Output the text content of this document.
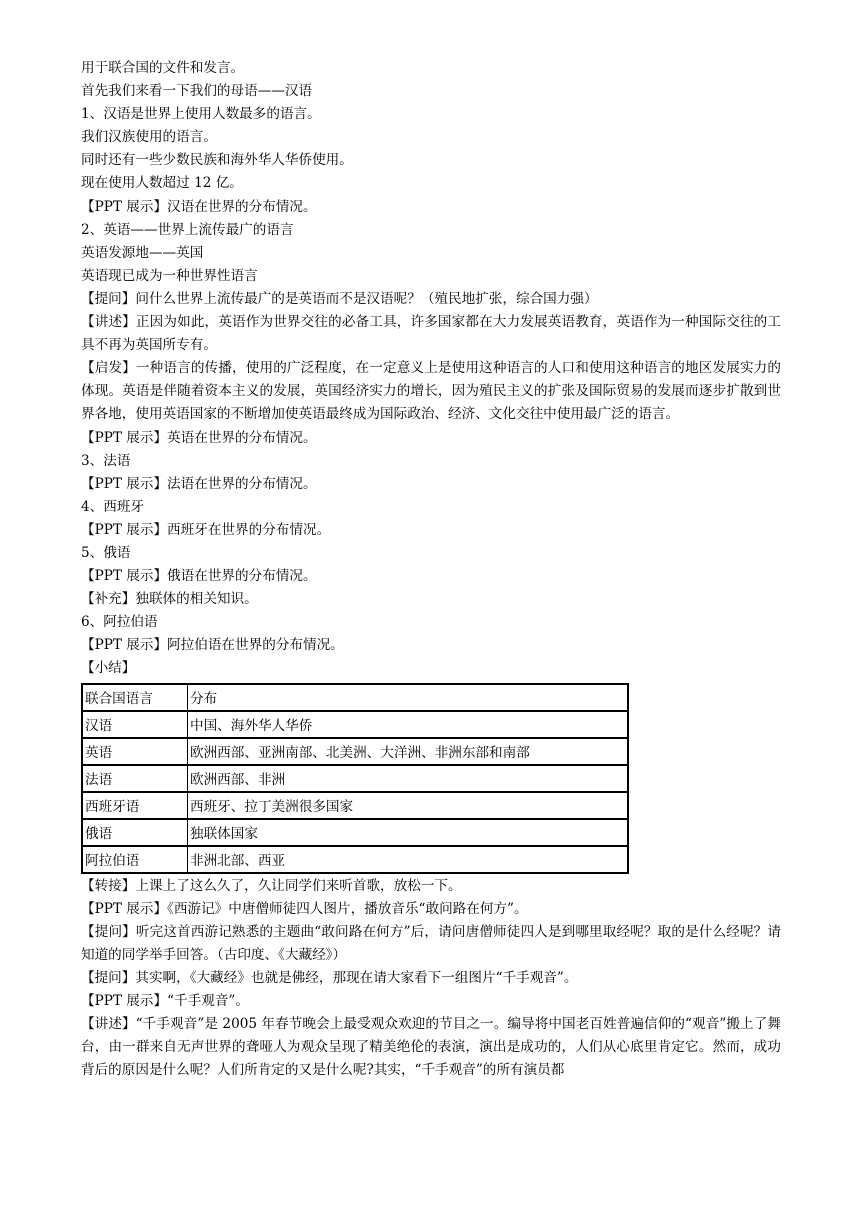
用于联合国的文件和发言。
首先我们来看一下我们的母语——汉语
1、汉语是世界上使用人数最多的语言。
我们汉族使用的语言。
同时还有一些少数民族和海外华人华侨使用。
现在使用人数超过 12 亿。
【PPT 展示】汉语在世界的分布情况。
2、英语——世界上流传最广的语言
英语发源地——英国
英语现已成为一种世界性语言
【提问】问什么世界上流传最广的是英语而不是汉语呢？（殖民地扩张，综合国力强）
【讲述】正因为如此，英语作为世界交往的必备工具，许多国家都在大力发展英语教育，英语作为一种国际交往的工具不再为英国所专有。
【启发】一种语言的传播，使用的广泛程度，在一定意义上是使用这种语言的人口和使用这种语言的地区发展实力的体现。英语是伴随着资本主义的发展，英国经济实力的增长，因为殖民主义的扩张及国际贸易的发展而逐步扩散到世界各地，使用英语国家的不断增加使英语最终成为国际政治、经济、文化交往中使用最广泛的语言。
【PPT 展示】英语在世界的分布情况。
3、法语
【PPT 展示】法语在世界的分布情况。
4、西班牙
【PPT 展示】西班牙在世界的分布情况。
5、俄语
【PPT 展示】俄语在世界的分布情况。
【补充】独联体的相关知识。
6、阿拉伯语
【PPT 展示】阿拉伯语在世界的分布情况。
【小结】
联合国语言	分布
汉语	中国、海外华人华侨
英语	欧洲西部、亚洲南部、北美洲、大洋洲、非洲东部和南部
法语	欧洲西部、非洲
西班牙语	西班牙、拉丁美洲很多国家
俄语	独联体国家
阿拉伯语	非洲北部、西亚
【转接】上课上了这么久了，久让同学们来听首歌，放松一下。
【PPT 展示】《西游记》中唐僧师徒四人图片，播放音乐“敢问路在何方”。
【提问】听完这首西游记熟悉的主题曲“敢问路在何方”后，请问唐僧师徒四人是到哪里取经呢？取的是什么经呢？请知道的同学举手回答。（古印度、《大藏经》）
【提问】其实啊，《大藏经》也就是佛经，那现在请大家看下一组图片“千手观音”。
【PPT 展示】“千手观音”。
【讲述】“千手观音”是 2005 年春节晚会上最受观众欢迎的节目之一。编导将中国老百姓普遍信仰的“观音”搬上了舞台，由一群来自无声世界的聋哑人为观众呈现了精美绝伦的表演，演出是成功的，人们从心底里肯定它。然而，成功背后的原因是什么呢？人们所肯定的又是什么呢?其实，“千手观音”的所有演员都
